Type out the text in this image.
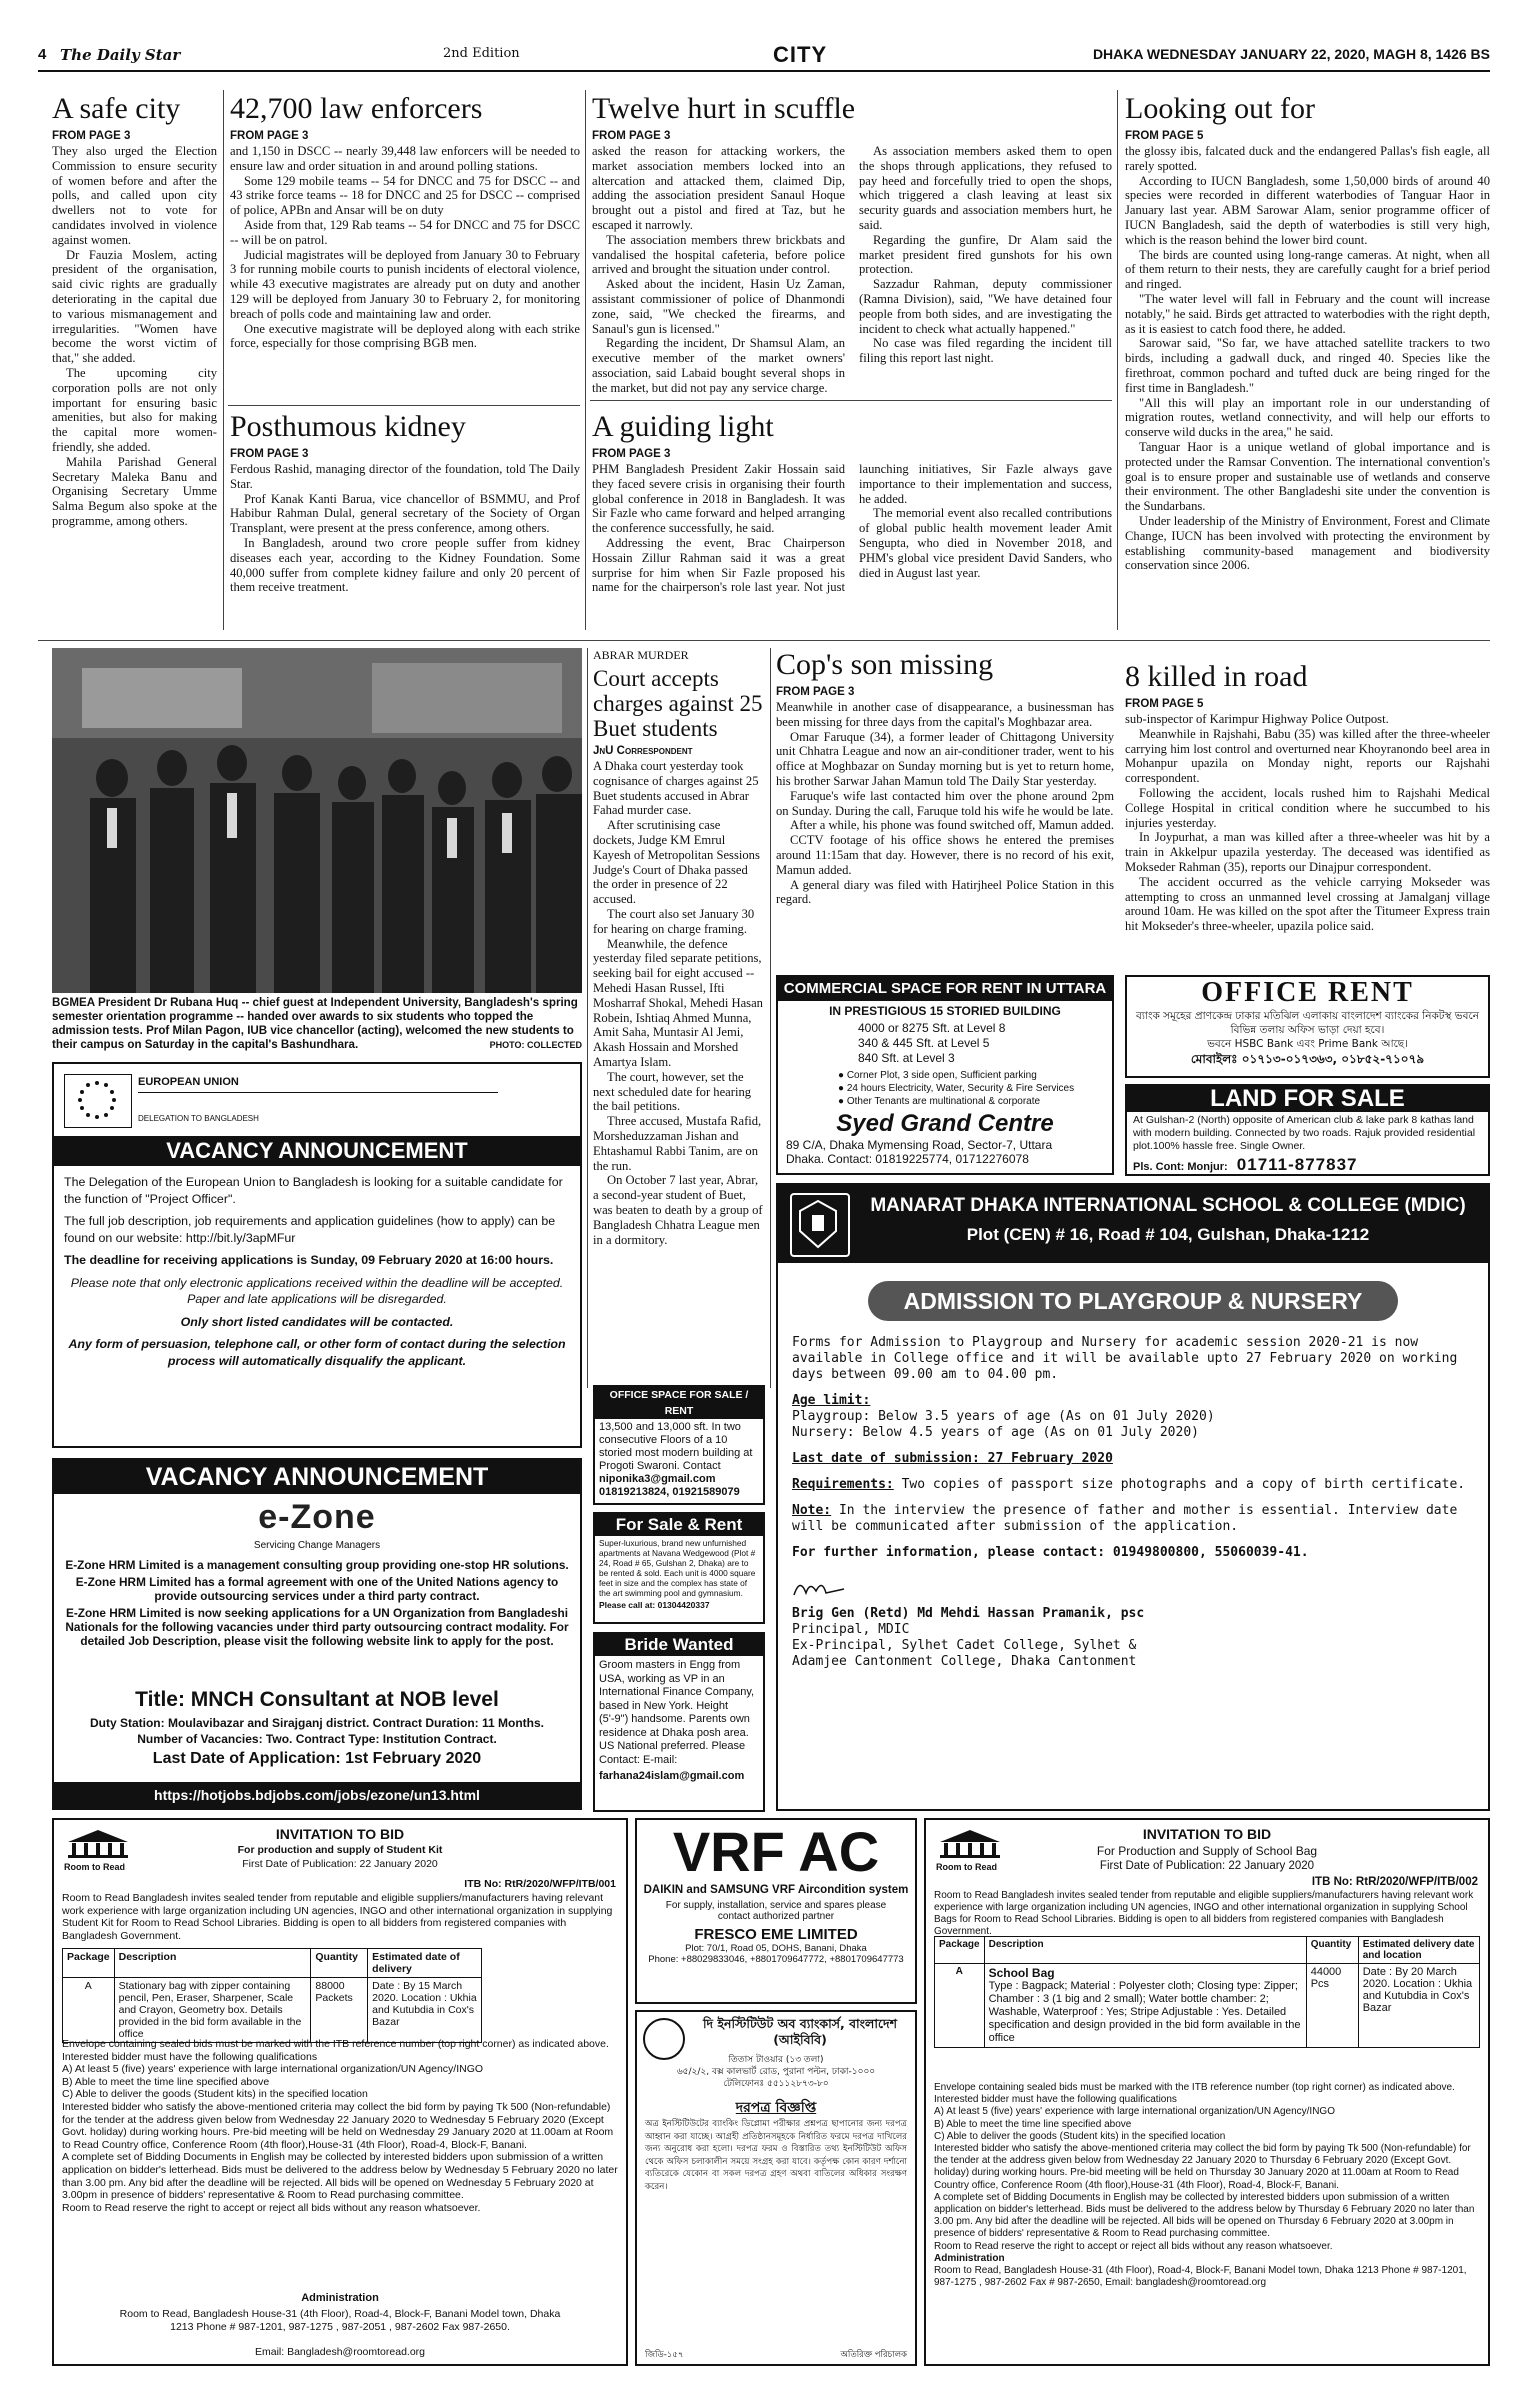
4 The Daily Star	2nd Edition	CITY	DHAKA WEDNESDAY JANUARY 22, 2020, MAGH 8, 1426 BS
A safe city
FROM PAGE 3

They also urged the Election Commission to ensure security of women before and after the polls, and called upon city dwellers not to vote for candidates involved in violence against women.

Dr Fauzia Moslem, acting president of the organisation, said civic rights are gradually deteriorating in the capital due to various mismanagement and irregularities. "Women have become the worst victim of that," she added.

The upcoming city corporation polls are not only important for ensuring basic amenities, but also for making the capital more women-friendly, she added.

Mahila Parishad General Secretary Maleka Banu and Organising Secretary Umme Salma Begum also spoke at the programme, among others.

42,700 law enforcers
FROM PAGE 3

and 1,150 in DSCC -- nearly 39,448 law enforcers will be needed to ensure law and order situation in and around polling stations.

Some 129 mobile teams -- 54 for DNCC and 75 for DSCC -- and 43 strike force teams -- 18 for DNCC and 25 for DSCC -- comprised of police, APBn and Ansar will be on duty

Aside from that, 129 Rab teams -- 54 for DNCC and 75 for DSCC -- will be on patrol.

Judicial magistrates will be deployed from January 30 to February 3 for running mobile courts to punish incidents of electoral violence, while 43 executive magistrates are already put on duty and another 129 will be deployed from January 30 to February 2, for monitoring breach of polls code and maintaining law and order.

One executive magistrate will be deployed along with each strike force, especially for those comprising BGB men.

Posthumous kidney
FROM PAGE 3

Ferdous Rashid, managing director of the foundation, told The Daily Star.

Prof Kanak Kanti Barua, vice chancellor of BSMMU, and Prof Habibur Rahman Dulal, general secretary of the Society of Organ Transplant, were present at the press conference, among others.

In Bangladesh, around two crore people suffer from kidney diseases each year, according to the Kidney Foundation. Some 40,000 suffer from complete kidney failure and only 20 percent of them receive treatment.

Twelve hurt in scuffle
FROM PAGE 3

asked the reason for attacking workers, the market association members locked into an altercation and attacked them, claimed Dip, adding the association president Sanaul Hoque brought out a pistol and fired at Taz, but he escaped it narrowly.

The association members threw brickbats and vandalised the hospital cafeteria, before police arrived and brought the situation under control.

Asked about the incident, Hasin Uz Zaman, assistant commissioner of police of Dhanmondi zone, said, "We checked the firearms, and Sanaul's gun is licensed."

Regarding the incident, Dr Shamsul Alam, an executive member of the market owners' association, said Labaid bought several shops in the market, but did not pay any service charge.

As association members asked them to open the shops through applications, they refused to pay heed and forcefully tried to open the shops, which triggered a clash leaving at least six security guards and association members hurt, he said.

Regarding the gunfire, Dr Alam said the market president fired gunshots for his own protection.

Sazzadur Rahman, deputy commissioner (Ramna Division), said, "We have detained four people from both sides, and are investigating the incident to check what actually happened."

No case was filed regarding the incident till filing this report last night.

A guiding light
FROM PAGE 3

PHM Bangladesh President Zakir Hossain said they faced severe crisis in organising their fourth global conference in 2018 in Bangladesh. It was Sir Fazle who came forward and helped arranging the conference successfully, he said.

Addressing the event, Brac Chairperson Hossain Zillur Rahman said it was a great surprise for him when Sir Fazle proposed his name for the chairperson's role last year. Not just launching initiatives, Sir Fazle always gave importance to their implementation and success, he added.

The memorial event also recalled contributions of global public health movement leader Amit Sengupta, who died in November 2018, and PHM's global vice president David Sanders, who died in August last year.

Looking out for
FROM PAGE 5

the glossy ibis, falcated duck and the endangered Pallas's fish eagle, all rarely spotted.

According to IUCN Bangladesh, some 1,50,000 birds of around 40 species were recorded in different waterbodies of Tanguar Haor in January last year. ABM Sarowar Alam, senior programme officer of IUCN Bangladesh, said the depth of waterbodies is still very high, which is the reason behind the lower bird count.

The birds are counted using long-range cameras. At night, when all of them return to their nests, they are carefully caught for a brief period and ringed.

"The water level will fall in February and the count will increase notably," he said. Birds get attracted to waterbodies with the right depth, as it is easiest to catch food there, he added.

Sarowar said, "So far, we have attached satellite trackers to two birds, including a gadwall duck, and ringed 40. Species like the firethroat, common pochard and tufted duck are being ringed for the first time in Bangladesh."

"All this will play an important role in our understanding of migration routes, wetland connectivity, and will help our efforts to conserve wild ducks in the area," he said.

Tanguar Haor is a unique wetland of global importance and is protected under the Ramsar Convention. The international convention's goal is to ensure proper and sustainable use of wetlands and conserve their environment. The other Bangladeshi site under the convention is the Sundarbans.

Under leadership of the Ministry of Environment, Forest and Climate Change, IUCN has been involved with protecting the environment by establishing community-based management and biodiversity conservation since 2006.

BGMEA President Dr Rubana Huq -- chief guest at Independent University, Bangladesh's spring semester orientation programme -- handed over awards to six students who topped the admission tests. Prof Milan Pagon, IUB vice chancellor (acting), welcomed the new students to their campus on Saturday in the capital's Bashundhara.	PHOTO: COLLECTED
ABRAR MURDER
Court accepts charges against 25 Buet students
JnU Correspondent

A Dhaka court yesterday took cognisance of charges against 25 Buet students accused in Abrar Fahad murder case.

After scrutinising case dockets, Judge KM Emrul Kayesh of Metropolitan Sessions Judge's Court of Dhaka passed the order in presence of 22 accused.

The court also set January 30 for hearing on charge framing.

Meanwhile, the defence yesterday filed separate petitions, seeking bail for eight accused -- Mehedi Hasan Russel, Ifti Mosharraf Shokal, Mehedi Hasan Robein, Ishtiaq Ahmed Munna, Amit Saha, Muntasir Al Jemi, Akash Hossain and Morshed Amartya Islam.

The court, however, set the next scheduled date for hearing the bail petitions.

Three accused, Mustafa Rafid, Morsheduzzaman Jishan and Ehtashamul Rabbi Tanim, are on the run.

On October 7 last year, Abrar, a second-year student of Buet, was beaten to death by a group of Bangladesh Chhatra League men in a dormitory.

Cop's son missing
FROM PAGE 3

Meanwhile in another case of disappearance, a businessman has been missing for three days from the capital's Moghbazar area.

Omar Faruque (34), a former leader of Chittagong University unit Chhatra League and now an air-conditioner trader, went to his office at Moghbazar on Sunday morning but is yet to return home, his brother Sarwar Jahan Mamun told The Daily Star yesterday.

Faruque's wife last contacted him over the phone around 2pm on Sunday. During the call, Faruque told his wife he would be late.

After a while, his phone was found switched off, Mamun added.

CCTV footage of his office shows he entered the premises around 11:15am that day. However, there is no record of his exit, Mamun added.

A general diary was filed with Hatirjheel Police Station in this regard.

8 killed in road
FROM PAGE 5

sub-inspector of Karimpur Highway Police Outpost.

Meanwhile in Rajshahi, Babu (35) was killed after the three-wheeler carrying him lost control and overturned near Khoyranondo beel area in Mohanpur upazila on Monday night, reports our Rajshahi correspondent.

Following the accident, locals rushed him to Rajshahi Medical College Hospital in critical condition where he succumbed to his injuries yesterday.

In Joypurhat, a man was killed after a three-wheeler was hit by a train in Akkelpur upazila yesterday. The deceased was identified as Mokseder Rahman (35), reports our Dinajpur correspondent.

The accident occurred as the vehicle carrying Mokseder was attempting to cross an unmanned level crossing at Jamalganj village around 10am. He was killed on the spot after the Titumeer Express train hit Mokseder's three-wheeler, upazila police said.

EUROPEAN UNION
DELEGATION TO BANGLADESH
VACANCY ANNOUNCEMENT
The Delegation of the European Union to Bangladesh is looking for a suitable candidate for the function of "Project Officer".
The full job description, job requirements and application guidelines (how to apply) can be found on our website: http://bit.ly/3apMFur
The deadline for receiving applications is Sunday, 09 February 2020 at 16:00 hours.
Please note that only electronic applications received within the deadline will be accepted. Paper and late applications will be disregarded.
Only short listed candidates will be contacted.
Any form of persuasion, telephone call, or other form of contact during the selection process will automatically disqualify the applicant.
VACANCY ANNOUNCEMENT
e-Zone
Servicing Change Managers
E-Zone HRM Limited is a management consulting group providing one-stop HR solutions.
E-Zone HRM Limited has a formal agreement with one of the United Nations agency to provide outsourcing services under a third party contract.
E-Zone HRM Limited is now seeking applications for a UN Organization from Bangladeshi Nationals for the following vacancies under third party outsourcing contract modality. For detailed Job Description, please visit the following website link to apply for the post.
Title: MNCH Consultant at NOB level
Duty Station: Moulavibazar and Sirajganj district. Contract Duration: 11 Months.
Number of Vacancies: Two. Contract Type: Institution Contract.
Last Date of Application: 1st February 2020
https://hotjobs.bdjobs.com/jobs/ezone/un13.html
COMMERCIAL SPACE FOR RENT IN UTTARA
IN PRESTIGIOUS 15 STORIED BUILDING
4000 or 8275 Sft. at Level 8
340 & 445 Sft. at Level 5
840 Sft. at Level 3
● Corner Plot, 3 side open, Sufficient parking
● 24 hours Electricity, Water, Security & Fire Services
● Other Tenants are multinational & corporate
Syed Grand Centre
89 C/A, Dhaka Mymensing Road, Sector-7, Uttara
Dhaka. Contact: 01819225774, 01712276078
OFFICE RENT
ব্যাংক সমূহের প্রাণকেন্দ্র ঢাকার মতিঝিল এলাকায় বাংলাদেশ ব্যাংকের নিকটস্থ ভবনে বিভিন্ন তলায় অফিস ভাড়া দেয়া হবে।
ভবনে HSBC Bank এবং Prime Bank আছে।
মোবাইলঃ ০১৭১৩-০১৭৩৬৩, ০১৮৫২-৭১০৭৯
LAND FOR SALE
At Gulshan-2 (North) opposite of American club & lake park 8 kathas land with modern building. Connected by two roads. Rajuk provided residential plot.100% hassle free. Single Owner.
Pls. Cont: Monjur: 01711-877837
OFFICE SPACE FOR SALE / RENT
13,500 and 13,000 sft. In two consecutive Floors of a 10 storied most modern building at Progoti Swaroni. Contact
niponika3@gmail.com
01819213824, 01921589079
For Sale & Rent
Super-luxurious, brand new unfurnished apartments at Navana Wedgewood (Plot # 24, Road # 65, Gulshan 2, Dhaka) are to be rented & sold. Each unit is 4000 square feet in size and the complex has state of the art swimming pool and gymnasium.
Please call at: 01304420337
Bride Wanted
Groom masters in Engg from USA, working as VP in an International Finance Company, based in New York. Height (5'-9") handsome. Parents own residence at Dhaka posh area. US National preferred. Please Contact: E-mail:
farhana24islam@gmail.com
MANARAT DHAKA INTERNATIONAL SCHOOL & COLLEGE (MDIC)
Plot (CEN) # 16, Road # 104, Gulshan, Dhaka-1212
ADMISSION TO PLAYGROUP & NURSERY
Forms for Admission to Playgroup and Nursery for academic session 2020-21 is now available in College office and it will be available upto 27 February 2020 on working days between 09.00 am to 04.00 pm.
Age limit:
Playgroup: Below 3.5 years of age (As on 01 July 2020)
Nursery: Below 4.5 years of age (As on 01 July 2020)
Last date of submission: 27 February 2020
Requirements: Two copies of passport size photographs and a copy of birth certificate.
Note: In the interview the presence of father and mother is essential. Interview date will be communicated after submission of the application.
For further information, please contact: 01949800800, 55060039-41.
Brig Gen (Retd) Md Mehdi Hassan Pramanik, psc
Principal, MDIC
Ex-Principal, Sylhet Cadet College, Sylhet &
Adamjee Cantonment College, Dhaka Cantonment
Room to Read
INVITATION TO BID
For production and supply of Student Kit
First Date of Publication: 22 January 2020
ITB No: RtR/2020/WFP/ITB/001
Room to Read Bangladesh invites sealed tender from reputable and eligible suppliers/manufacturers having relevant work experience with large organization including UN agencies, INGO and other international organization in supplying Student Kit for Room to Read School Libraries. Bidding is open to all bidders from registered companies with Bangladesh Government.
Package	Description	Quantity	Estimated date of delivery
A	Stationary bag with zipper containing pencil, Pen, Eraser, Sharpener, Scale and Crayon, Geometry box. Details provided in the bid form available in the office	88000 Packets	Date : By 15 March 2020. Location : Ukhia and Kutubdia in Cox's Bazar
Envelope containing sealed bids must be marked with the ITB reference number (top right corner) as indicated above.
Interested bidder must have the following qualifications
A) At least 5 (five) years' experience with large international organization/UN Agency/INGO
B) Able to meet the time line specified above
C) Able to deliver the goods (Student kits) in the specified location
Interested bidder who satisfy the above-mentioned criteria may collect the bid form by paying Tk 500 (Non-refundable) for the tender at the address given below from Wednesday 22 January 2020 to Wednesday 5 February 2020 (Except Govt. holiday) during working hours. Pre-bid meeting will be held on Wednesday 29 January 2020 at 11.00am at Room to Read Country office, Conference Room (4th floor),House-31 (4th Floor), Road-4, Block-F, Banani.
A complete set of Bidding Documents in English may be collected by interested bidders upon submission of a written application on bidder's letterhead. Bids must be delivered to the address below by Wednesday 5 February 2020 no later than 3.00 pm. Any bid after the deadline will be rejected. All bids will be opened on Wednesday 5 February 2020 at 3.00pm in presence of bidders' representative & Room to Read purchasing committee.
Room to Read reserve the right to accept or reject all bids without any reason whatsoever.
Administration
Room to Read, Bangladesh House-31 (4th Floor), Road-4, Block-F, Banani Model town, Dhaka 1213 Phone # 987-1201, 987-1275 , 987-2051 , 987-2602 Fax 987-2650.
Email: Bangladesh@roomtoread.org
VRF AC
DAIKIN and SAMSUNG VRF Aircondition system
For supply, installation, service and spares please contact authorized partner
FRESCO EME LIMITED
Plot: 70/1, Road 05, DOHS, Banani, Dhaka
Phone: +88029833046, +8801709647772, +8801709647773
দি ইনস্টিটিউট অব ব্যাংকার্স, বাংলাদেশ (আইবিবি)
তিতাস টাওয়ার (১৩ তলা)
৬৫/২/২, বক্স কালভার্ট রোড, পুরানা পল্টন, ঢাকা-১০০০
টেলিফোনঃ ৫৫১১২৮৭৩-৮০
দরপত্র বিজ্ঞপ্তি
অত্র ইনস্টিটিউটের ব্যাংকিং ডিপ্লোমা পরীক্ষার প্রশ্নপত্র ছাপানোর জন্য দরপত্র আহ্বান করা যাচ্ছে। আগ্রহী প্রতিষ্ঠানসমূহকে নির্ধারিত ফরমে দরপত্র দাখিলের জন্য অনুরোধ করা হলো। দরপত্র ফরম ও বিস্তারিত তথ্য ইনস্টিটিউট অফিস থেকে অফিস চলাকালীন সময়ে সংগ্রহ করা যাবে। কর্তৃপক্ষ কোন কারণ দর্শানো ব্যতিরেকে যেকোন বা সকল দরপত্র গ্রহণ অথবা বাতিলের অধিকার সংরক্ষণ করেন।
জিডি-১৫৭	অতিরিক্ত পরিচালক
Room to Read
INVITATION TO BID
For Production and Supply of School Bag
First Date of Publication: 22 January 2020
ITB No: RtR/2020/WFP/ITB/002
Room to Read Bangladesh invites sealed tender from reputable and eligible suppliers/manufacturers having relevant work experience with large organization including UN agencies, INGO and other international organization in supplying School Bags for Room to Read School Libraries. Bidding is open to all bidders from registered companies with Bangladesh Government.
Package	Description	Quantity	Estimated delivery date and location
A	School Bag
Type : Bagpack; Material : Polyester cloth; Closing type: Zipper; Chamber : 3 (1 big and 2 small); Water bottle chamber: 2; Washable, Waterproof : Yes; Stripe Adjustable : Yes. Detailed specification and design provided in the bid form available in the office	44000 Pcs	Date : By 20 March 2020. Location : Ukhia and Kutubdia in Cox's Bazar
Envelope containing sealed bids must be marked with the ITB reference number (top right corner) as indicated above.
Interested bidder must have the following qualifications
A) At least 5 (five) years' experience with large international organization/UN Agency/INGO
B) Able to meet the time line specified above
C) Able to deliver the goods (Student kits) in the specified location
Interested bidder who satisfy the above-mentioned criteria may collect the bid form by paying Tk 500 (Non-refundable) for the tender at the address given below from Wednesday 22 January 2020 to Thursday 6 February 2020 (Except Govt. holiday) during working hours. Pre-bid meeting will be held on Thursday 30 January 2020 at 11.00am at Room to Read Country office, Conference Room (4th floor),House-31 (4th Floor), Road-4, Block-F, Banani.
A complete set of Bidding Documents in English may be collected by interested bidders upon submission of a written application on bidder's letterhead. Bids must be delivered to the address below by Thursday 6 February 2020 no later than 3.00 pm. Any bid after the deadline will be rejected. All bids will be opened on Thursday 6 February 2020 at 3.00pm in presence of bidders' representative & Room to Read purchasing committee.
Room to Read reserve the right to accept or reject all bids without any reason whatsoever.
Administration
Room to Read, Bangladesh House-31 (4th Floor), Road-4, Block-F, Banani Model town, Dhaka 1213 Phone # 987-1201, 987-1275 , 987-2602 Fax # 987-2650, Email: bangladesh@roomtoread.org
